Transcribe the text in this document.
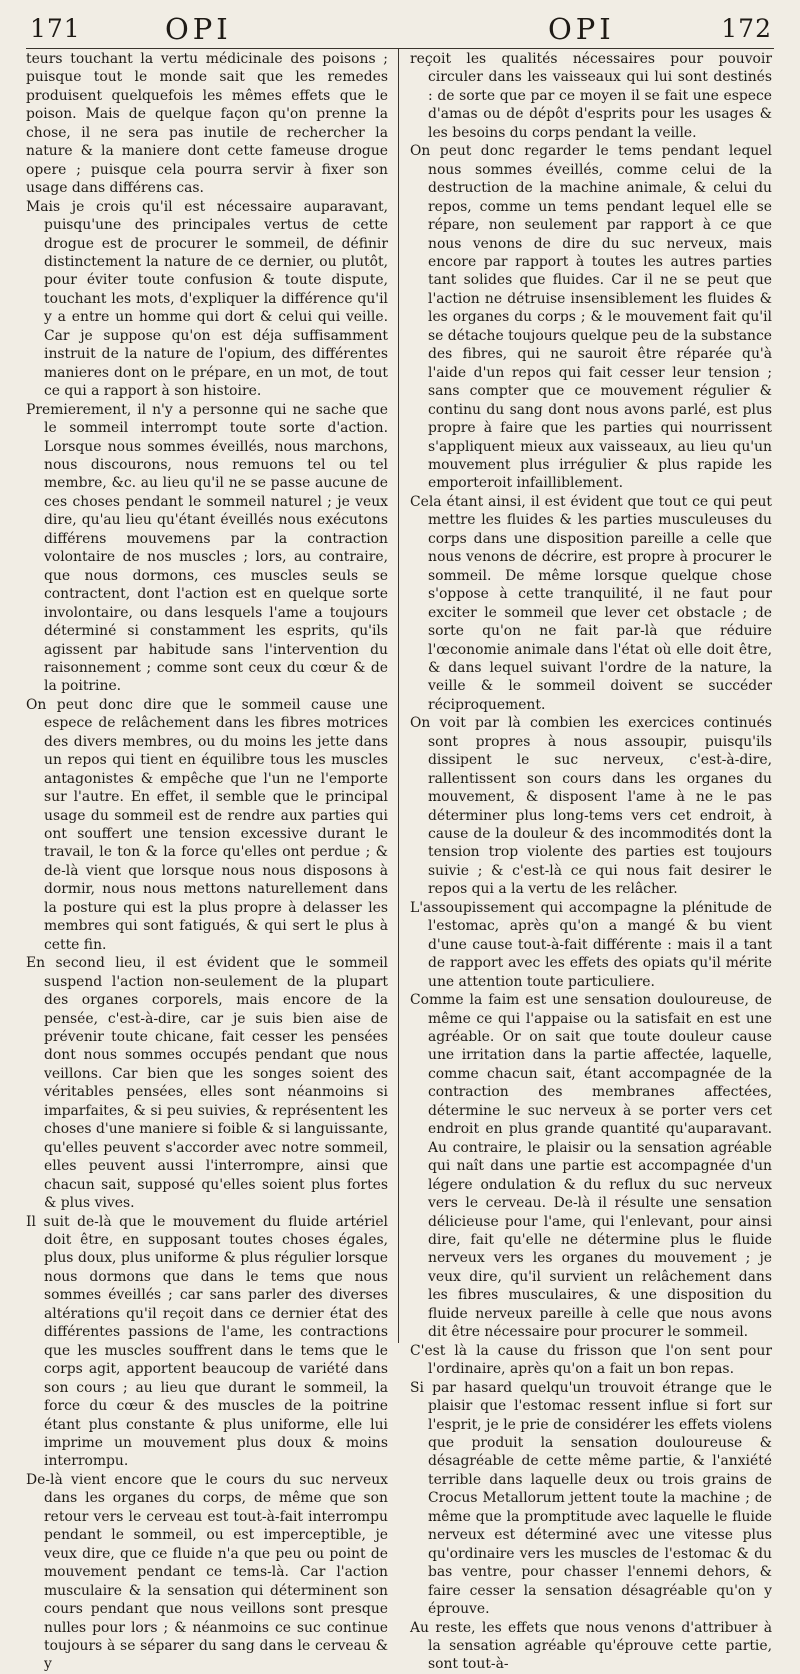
171	OPI	OPI	172

teurs touchant la vertu médicinale des poisons ; puisque tout le monde sait que les remedes produisent quelquefois les mêmes effets que le poison. Mais de quelque façon qu'on prenne la chose, il ne sera pas inutile de rechercher la nature & la maniere dont cette fameuse drogue opere ; puisque cela pourra servir à fixer son usage dans différens cas.

Mais je crois qu'il est nécessaire auparavant, puisqu'une des principales vertus de cette drogue est de procurer le sommeil, de définir distinctement la nature de ce dernier, ou plutôt, pour éviter toute confusion & toute dispute, touchant les mots, d'expliquer la différence qu'il y a entre un homme qui dort & celui qui veille. Car je suppose qu'on est déja suffisamment instruit de la nature de l'opium, des différentes manieres dont on le prépare, en un mot, de tout ce qui a rapport à son histoire.

Premierement, il n'y a personne qui ne sache que le sommeil interrompt toute sorte d'action. Lorsque nous sommes éveillés, nous marchons, nous discourons, nous remuons tel ou tel membre, &c. au lieu qu'il ne se passe aucune de ces choses pendant le sommeil naturel ; je veux dire, qu'au lieu qu'étant éveillés nous exécutons différens mouvemens par la contraction volontaire de nos muscles ; lors, au contraire, que nous dormons, ces muscles seuls se contractent, dont l'action est en quelque sorte involontaire, ou dans lesquels l'ame a toujours déterminé si constamment les esprits, qu'ils agissent par habitude sans l'intervention du raisonnement ; comme sont ceux du cœur & de la poitrine.

On peut donc dire que le sommeil cause une espece de relâchement dans les fibres motrices des divers membres, ou du moins les jette dans un repos qui tient en équilibre tous les muscles antagonistes & empêche que l'un ne l'emporte sur l'autre. En effet, il semble que le principal usage du sommeil est de rendre aux parties qui ont souffert une tension excessive durant le travail, le ton & la force qu'elles ont perdue ; & de-là vient que lorsque nous nous disposons à dormir, nous nous mettons naturellement dans la posture qui est la plus propre à delasser les membres qui sont fatigués, & qui sert le plus à cette fin.

En second lieu, il est évident que le sommeil suspend l'action non-seulement de la plupart des organes corporels, mais encore de la pensée, c'est-à-dire, car je suis bien aise de prévenir toute chicane, fait cesser les pensées dont nous sommes occupés pendant que nous veillons. Car bien que les songes soient des véritables pensées, elles sont néanmoins si imparfaites, & si peu suivies, & représentent les choses d'une maniere si foible & si languissante, qu'elles peuvent s'accorder avec notre sommeil, elles peuvent aussi l'interrompre, ainsi que chacun sait, supposé qu'elles soient plus fortes & plus vives.

Il suit de-là que le mouvement du fluide artériel doit être, en supposant toutes choses égales, plus doux, plus uniforme & plus régulier lorsque nous dormons que dans le tems que nous sommes éveillés ; car sans parler des diverses altérations qu'il reçoit dans ce dernier état des différentes passions de l'ame, les contractions que les muscles souffrent dans le tems que le corps agit, apportent beaucoup de variété dans son cours ; au lieu que durant le sommeil, la force du cœur & des muscles de la poitrine étant plus constante & plus uniforme, elle lui imprime un mouvement plus doux & moins interrompu.

De-là vient encore que le cours du suc nerveux dans les organes du corps, de même que son retour vers le cerveau est tout-à-fait interrompu pendant le sommeil, ou est imperceptible, je veux dire, que ce fluide n'a que peu ou point de mouvement pendant ce tems-là. Car l'action musculaire & la sensation qui déterminent son cours pendant que nous veillons sont presque nulles pour lors ; & néanmoins ce suc continue toujours à se séparer du sang dans le cerveau & y

reçoit les qualités nécessaires pour pouvoir circuler dans les vaisseaux qui lui sont destinés : de sorte que par ce moyen il se fait une espece d'amas ou de dépôt d'esprits pour les usages & les besoins du corps pendant la veille.

On peut donc regarder le tems pendant lequel nous sommes éveillés, comme celui de la destruction de la machine animale, & celui du repos, comme un tems pendant lequel elle se répare, non seulement par rapport à ce que nous venons de dire du suc nerveux, mais encore par rapport à toutes les autres parties tant solides que fluides. Car il ne se peut que l'action ne détruise insensiblement les fluides & les organes du corps ; & le mouvement fait qu'il se détache toujours quelque peu de la substance des fibres, qui ne sauroit être réparée qu'à l'aide d'un repos qui fait cesser leur tension ; sans compter que ce mouvement régulier & continu du sang dont nous avons parlé, est plus propre à faire que les parties qui nourrissent s'appliquent mieux aux vaisseaux, au lieu qu'un mouvement plus irrégulier & plus rapide les emporteroit infailliblement.

Cela étant ainsi, il est évident que tout ce qui peut mettre les fluides & les parties musculeuses du corps dans une disposition pareille a celle que nous venons de décrire, est propre à procurer le sommeil. De même lorsque quelque chose s'oppose à cette tranquilité, il ne faut pour exciter le sommeil que lever cet obstacle ; de sorte qu'on ne fait par-là que réduire l'œconomie animale dans l'état où elle doit être, & dans lequel suivant l'ordre de la nature, la veille & le sommeil doivent se succéder réciproquement.

On voit par là combien les exercices continués sont propres à nous assoupir, puisqu'ils dissipent le suc nerveux, c'est-à-dire, rallentissent son cours dans les organes du mouvement, & disposent l'ame à ne le pas déterminer plus long-tems vers cet endroit, à cause de la douleur & des incommodités dont la tension trop violente des parties est toujours suivie ; & c'est-là ce qui nous fait desirer le repos qui a la vertu de les relâcher.

L'assoupissement qui accompagne la plénitude de l'estomac, après qu'on a mangé & bu vient d'une cause tout-à-fait différente : mais il a tant de rapport avec les effets des opiats qu'il mérite une attention toute particuliere.

Comme la faim est une sensation douloureuse, de même ce qui l'appaise ou la satisfait en est une agréable. Or on sait que toute douleur cause une irritation dans la partie affectée, laquelle, comme chacun sait, étant accompagnée de la contraction des membranes affectées, détermine le suc nerveux à se porter vers cet endroit en plus grande quantité qu'auparavant. Au contraire, le plaisir ou la sensation agréable qui naît dans une partie est accompagnée d'un légere ondulation & du reflux du suc nerveux vers le cerveau. De-là il résulte une sensation délicieuse pour l'ame, qui l'enlevant, pour ainsi dire, fait qu'elle ne détermine plus le fluide nerveux vers les organes du mouvement ; je veux dire, qu'il survient un relâchement dans les fibres musculaires, & une disposition du fluide nerveux pareille à celle que nous avons dit être nécessaire pour procurer le sommeil.

C'est là la cause du frisson que l'on sent pour l'ordinaire, après qu'on a fait un bon repas.

Si par hasard quelqu'un trouvoit étrange que le plaisir que l'estomac ressent influe si fort sur l'esprit, je le prie de considérer les effets violens que produit la sensation douloureuse & désagréable de cette même partie, & l'anxiété terrible dans laquelle deux ou trois grains de Crocus Metallorum jettent toute la machine ; de même que la promptitude avec laquelle le fluide nerveux est déterminé avec une vitesse plus qu'ordinaire vers les muscles de l'estomac & du bas ventre, pour chasser l'ennemi dehors, & faire cesser la sensation désagréable qu'on y éprouve.

Au reste, les effets que nous venons d'attribuer à la sensation agréable qu'éprouve cette partie, sont tout-à-
